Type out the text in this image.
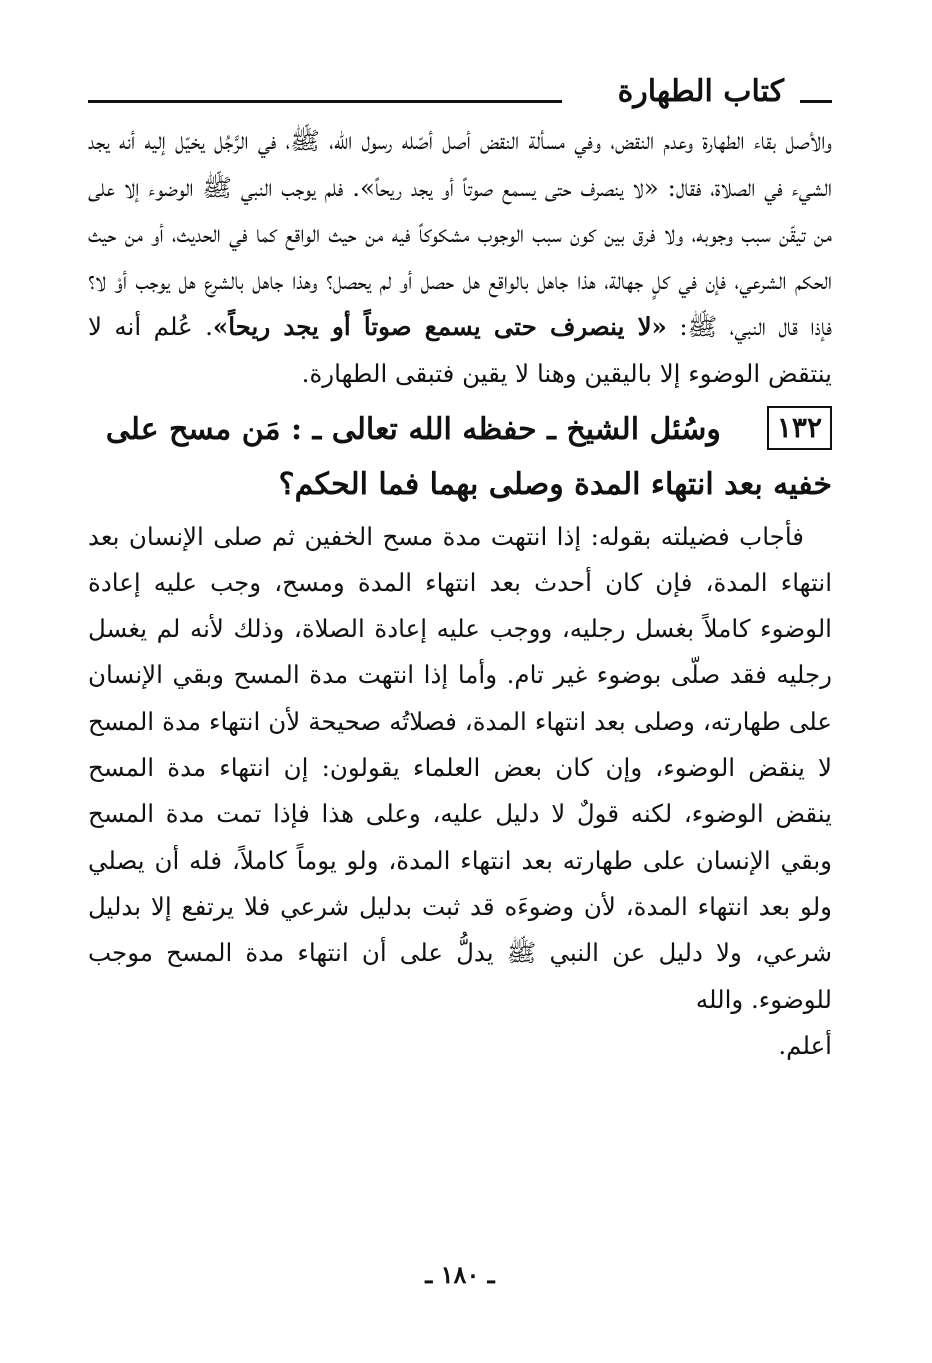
كتاب الطهارة

والأصل بقاء الطهارة وعدم النقض، وفي مسألة النقض أصل أصّله رسول الله، ﷺ، في الرَّجُل يخيّل إليه أنه يجد الشيء في الصلاة، فقال: «لا ينصرف حتى يسمع صوتاً أو يجد ريحاً». فلم يوجب النبي ﷺ الوضوء إلا على من تيقّن سبب وجوبه، ولا فرق بين كون سبب الوجوب مشكوكاً فيه من حيث الواقع كما في الحديث، أو من حيث الحكم الشرعي، فإن في كلٍ جهالة، هذا جاهل بالواقع هل حصل أو لم يحصل؟ وهذا جاهل بالشرع هل يوجب أوْ لا؟ فإذا قال النبي، ﷺ: «لا ينصرف حتى يسمع صوتاً أو يجد ريحاً». عُلم أنه لا ينتقض الوضوء إلا باليقين وهنا لا يقين فتبقى الطهارة.

١٣٢وسُئل الشيخ ـ حفظه الله تعالى ـ : مَن مسح على خفيه بعد انتهاء المدة وصلى بهما فما الحكم؟

فأجاب فضيلته بقوله: إذا انتهت مدة مسح الخفين ثم صلى الإنسان بعد انتهاء المدة، فإن كان أحدث بعد انتهاء المدة ومسح، وجب عليه إعادة الوضوء كاملاً بغسل رجليه، ووجب عليه إعادة الصلاة، وذلك لأنه لم يغسل رجليه فقد صلّى بوضوء غير تام. وأما إذا انتهت مدة المسح وبقي الإنسان على طهارته، وصلى بعد انتهاء المدة، فصلاتُه صحيحة لأن انتهاء مدة المسح لا ينقض الوضوء، وإن كان بعض العلماء يقولون: إن انتهاء مدة المسح ينقض الوضوء، لكنه قولٌ لا دليل عليه، وعلى هذا فإذا تمت مدة المسح وبقي الإنسان على طهارته بعد انتهاء المدة، ولو يوماً كاملاً، فله أن يصلي ولو بعد انتهاء المدة، لأن وضوءَه قد ثبت بدليل شرعي فلا يرتفع إلا بدليل شرعي، ولا دليل عن النبي ﷺ يدلُّ على أن انتهاء مدة المسح موجب للوضوء. والله

أعلم.

ـ ١٨٠ ـ
